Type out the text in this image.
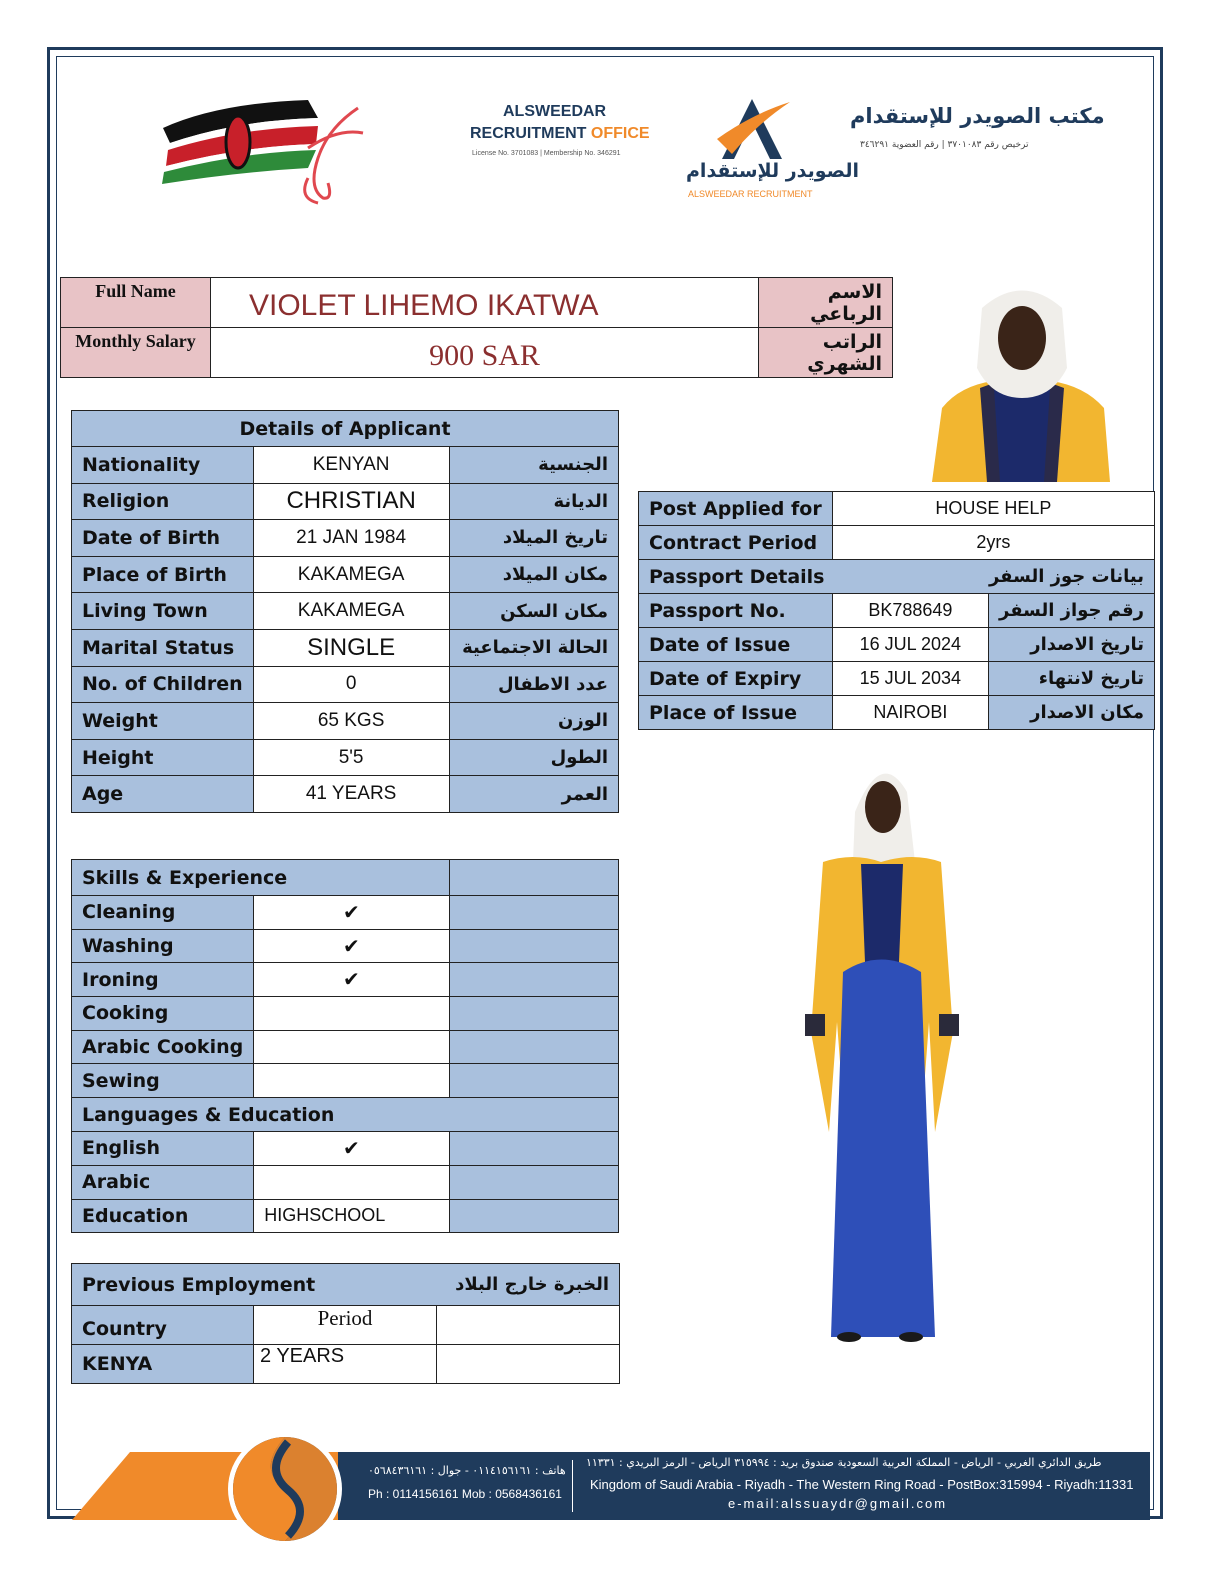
ALSWEEDAR
RECRUITMENT OFFICE
License No. 3701083 | Membership No. 346291
الصويدر للإستقدام
ALSWEEDAR RECRUITMENT
مكتب الصويدر للإستقدام
ترخيص رقم ٣٧٠١٠٨٣ | رقم العضوية ٣٤٦٢٩١
Full Name	VIOLET LIHEMO IKATWA	الاسم الرباعي
Monthly Salary	900 SAR	الراتب الشهري
Details of Applicant		
Nationality	KENYAN	الجنسية
Religion	CHRISTIAN	الديانة
Date of Birth	21 JAN 1984	تاريخ الميلاد
Place of Birth	KAKAMEGA	مكان الميلاد
Living Town	KAKAMEGA	مكان السكن
Marital Status	SINGLE	الحالة الاجتماعية
No. of Children	0	عدد الاطفال
Weight	65 KGS	الوزن
Height	5'5	الطول
Age	41 YEARS	العمر
Post Applied for	HOUSE HELP	
Contract Period	2yrs	
Passport Details بيانات جوز السفر		

Passport No.	BK788649	رقم جواز السفر
Date of Issue	16 JUL 2024	تاريخ الاصدار
Date of Expiry	15 JUL 2034	تاريخ لانتهاء
Place of Issue	NAIROBI	مكان الاصدار
Skills & Experience		
Cleaning	✔	
Washing	✔	
Ironing	✔	
Cooking		
Arabic Cooking		
Sewing		
Languages & Education		
English	✔	
Arabic		
Education	HIGHSCHOOL	
Previous Employment الخبرة خارج البلاد		

Country	Period	
KENYA	2 YEARS	
هاتف : ٠١١٤١٥٦١٦١ - جوال : ٠٥٦٨٤٣٦١٦١
Ph : 0114156161 Mob : 0568436161
طريق الدائري الغربي - الرياض - المملكة العربية السعودية صندوق بريد : ٣١٥٩٩٤ الرياض - الرمز البريدي : ١١٣٣١
Kingdom of Saudi Arabia - Riyadh - The Western Ring Road - PostBox:315994 - Riyadh:11331
e-mail:alssuaydr@gmail.com
